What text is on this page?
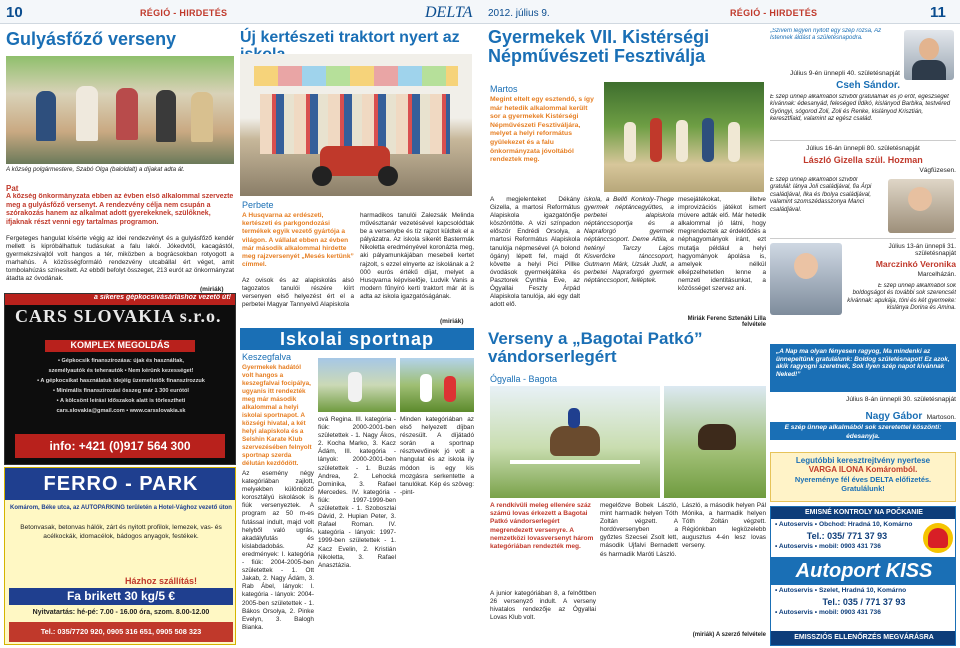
10	RÉGIÓ - HIRDETÉS	DELTA 2012. július 9.	RÉGIÓ - HIRDETÉS	11
Gulyásfőző verseny
A község polgármestere, Szabó Olga (baloldalt) a díjakat adta át.
Pat
A község önkormányzata ebben az évben első alkalommal szervezte meg a gulyásfőző versenyt. A rendezvény célja nem csupán a szórakozás hanem az alkalmat adott gyerekeknek, szülőknek, ifjaknak részt venni egy tartalmas programon.
Fergeteges hangulat kísérte végig az idei rendezvényt és a gulyásfőző kendér mellett is kipróbálhattuk tudásukat a falu lakói. Jókedvtől, kacagástól, gyermekzsivajtól volt hangos a tér, miközben a bográcsokban rotyogott a marhahús. A közösségformáló rendezvény utcabállal ért véget, amit tombolahúzás színesített. Az ebből befolyt összeget, 213 eurót az önkormányzat átadta az óvodának.
(miriák)
a sikeres gépkocsivásárláshoz vezető út!
CARS SLOVAKIA s.r.o.
KOMPLEX MEGOLDÁS
• Gépkocsik finanszírozása: újak és használtak,
személyautók és teherautók • Nem kérünk kezességet!
• A gépkocsikat használatuk idejéig üzemeltetők finanszírozzuk
• Minimális finanszírozási összeg már 1 300 eurótól
• A kölcsönt leírási időszakok alatt is törlesztheti
cars.slovakia@gmail.com • www.carsslovakia.sk
info: +421 (0)917 564 300
FERRO - PARK
Komárom, Béke utca, az AUTOPARKING területén a Hotel-Vághoz vezető úton
Betonvasak, betonvas hálók, zárt és nyitott profilok, lemezek, vas- és acélkockák, idomacélok, bádogos anyagok, festékek.
Házhoz szállítás!
Fa brikett 30 kg/5 €
Nyitvatartás: hé-pé: 7.00 - 16.00 óra, szom. 8.00-12.00
Tel.: 035/7720 920, 0905 316 651, 0905 508 323
Új kertészeti traktort nyert az
Perbete
A Husqvarna az erdészeti, kertészeti és parkgondozási termékek egyik vezető gyártója a világon. A vállalat ebben az évben már második alkalommal hirdette meg rajzversenyét „Mesés kertünk” címmel.
Az ovisok és az alapiskolás alsó tagozatos tanulói részére kiírt versenyen első helyezést ért el a perbetei Magyar Tannyelvű Alapiskola
harmadikos tanulói Zalezsák Melinda művésztanár vezetésével kapcsolódtak be a versenybe és tíz rajzot küldtek el a pályázatra. Az iskola sikerét Bastermák Nikoletta eredményével koronázta meg, aki pályamunkájában mesebeli kertet rajzolt, s ezzel elnyerte az iskolának a 2 000 eurós értékű díjat, melyet a Husqvarna képviselője, Ludvik Vanis a modern fűnyíró kerti traktort már át is adta az iskola igazgatóságának.
(miriák)
Iskolai sportnap
Keszegfalva
Gyermekek hadától volt hangos a keszegfalvai focipálya, ugyanis itt rendezték meg már második alkalommal a helyi iskolai sportnapot. A községi hivatal, a két helyi alapiskola és a Selshin Karate Klub szervezésében felnyolt sportnap szerda délután kezdődött.
Az esemény négy kategóriában zajlott, melyekben különböző korosztályú iskolások is fiúk versenyeztek. A program az 50 m-es futással indult, majd volt helyből való ugrás, akadályfutás és kislabdadobás. Az eredmények: I. kategória - fiúk: 2004-2005-ben születettek - 1. Ott Jakab, 2. Nagy Ádám, 3. Rab Ábel, lányok: I. kategória - lányok: 2004-2005-ben születettek - 1. Bákos Orsolya, 2. Pinke Evelyn, 3. Balogh Bianka.
ová Regina. III. kategória - fiúk: 2000-2001-ben születettek - 1. Nagy Ákos, 2. Kocha Marko, 3. Kacz Ádám, III. kategória - lányok: 2000-2001-ben születettek - 1. Buzás Andrea, 2. Lehocká Dominika, 3. Rafael Mercedes. IV. kategória - fiúk: 1997-1999-ben születettek - 1. Szoboszlai Dávid, 2. Hupian Peter, 3. Rafael Roman. IV. kategória - lányok: 1997-1999-ben születettek - 1. Kacz Evelin, 2. Kristián Nikoletta, 3. Rafael Anasztázia.
Minden kategóriában az első helyezett díjban részesült. A díjátadó során a sportnap résztvevőinek jó volt a hangulat és az iskola ily módon is egy kis mozgásra serkentette a tanulókat. Kép és szöveg: -pint-
Gyermekek VII. Kistérségi Népművészeti Fesztiválja
Martos
Megint eltelt egy esztendő, s így már hetedik alkalommal került sor a gyermekek Kistérségi Népművészeti Fesztiváljára, melyet a helyi református gyülekezet és a falu önkormányzata jóvoltából rendeztek meg.
A megjelenteket Dékány Gizella, a martosi Református Alapiskola igazgatónője köszöntötte. A vizi színpadon először Endrédi Orsolya, a martosi Református Alapiskola tanulója népmesével (A bolond ögány) lépett fel, majd őt követte a helyi Pici Pillke óvodások gyermekjátéka és Pasztorek Cynthia Eve, az Ógyallai Feszty Árpád Alapiskola tanulója, aki egy dalt adott elő.
iskola, a Bellő Konkoly-Thege gyermek néptáncegyüttes, a perbetei alapiskola néptánccsoportja és a Napraforgó gyermek néptánccsoport. Deme Attila, a hetényi Tarczy Lajos Kisverőcke tánccsoport, Gutmann Márk, Uzsák Judit, a perbetei Napraforgó gyermek néptánccsoport, felléptek.
mesejátékokat, illetve improvizációs játékot ismert múvere adták elő. Már hetedik alkalommal jó látni, hogy megrendeztek az érdeklődés a néphagyományok iránt, ezt mutatja például a helyi hagyományok ápolása is, amelyek nélkül elképzelhetetlen lenne a nemzeti identitásunkat, a közösséget szervez ani.
Miriák Ferenc Sztenáki Lilla felvétele
Verseny a „Bagotai Patkó” vándorserlegért
Ógyalla - Bagota
A rendkívüli meleg ellenére száz számú lovas érkezett a Bagotai Patkó vándorserlegért megrendezett versenyre. A nemzetközi lovasversenyt három kategóriában rendezték meg.
A junior kategóriában 8, a felnőttben 26 versenyző indult. A verseny hivatalos rendezője az Ógyallai Lovas Klub volt.
megelőzve Bobek László, mint harmadik helyen Tóth Zoltán végzett. A hordóversenyben a győztes Szecsei Zsolt lett, második Ujfalvi Bernadett és harmadik Maróti László.
László, a második helyen Pál Mónika, a harmadik helyen Tóth Zoltán végzett. Régiónkban legközelebb augusztus 4-én lesz lovas verseny.
(miriák) A szerző felvétele
„Szívem legyen nyitott egy szép rózsa, Az Istennek áldást a születésnapodra.
Július 9-én ünnepli 40. születésnapját
Cseh Sándor.
E szép ünnep alkalmából szívből gratulálnak és jó erőt, egészséget kívánnak: édesanyád, feleséged Ildikó, kislányod Barbika, testvéred Gyöngyi, sógorod Zoli, Zoli és Renke, kislányod Krisztián, keresztfiaid, valamint az egész család.
Július 16-án ünnepli 80. születésnapját
László Gizella szül. Hozman
Vágfüzesen.
E szép ünnep alkalmából szívből gratulál: lánya Joli családjával, fia Árpi családjával, Ilka és Ibolya családjával, valamint szomszédasszonya Manci családjával.
Július 13-án ünnepli 31. születésnapját
Marczinkó Veronika
Marcelházán.
E szép ünnep alkalmából sok boldogságot és további sok szerencsét kívánnak: apukája, tóni és két gyermeke: kislánya Dorina és Amina.
„A Nap ma olyan fényesen ragyog, Ma mindenki az ünnepeltünk gratulálunk: Boldog születésnapot! Ez azok, akik ragyogni szeretnek, Sok ilyen szép napot kívánnak Neked!”
Július 8-án ünnepli 30. születésnapját
Nagy Gábor Martoson.
E szép ünnep alkalmából sok szeretettel köszönti: édesanyja.
Legutóbbi keresztrejtvény nyertese
VARGA ILONA Komáromból.
Nyereménye fél éves DELTA előfizetés. Gratulálunk!
EMISNÉ KONTROLY NA POČKANIE
• Autoservis • Obchod: Hradná 10, Komárno
Tel.: 035/ 771 37 93
• Autoservis • mobil: 0903 431 736
Autoport KISS
• Autoservis • Szelet, Hradná 10, Komárno
Tel.: 035 / 771 37 93
• Autoservis • mobil: 0903 431 736
EMISSZIÓS ELLENŐRZÉS MEGVÁRÁSRA
